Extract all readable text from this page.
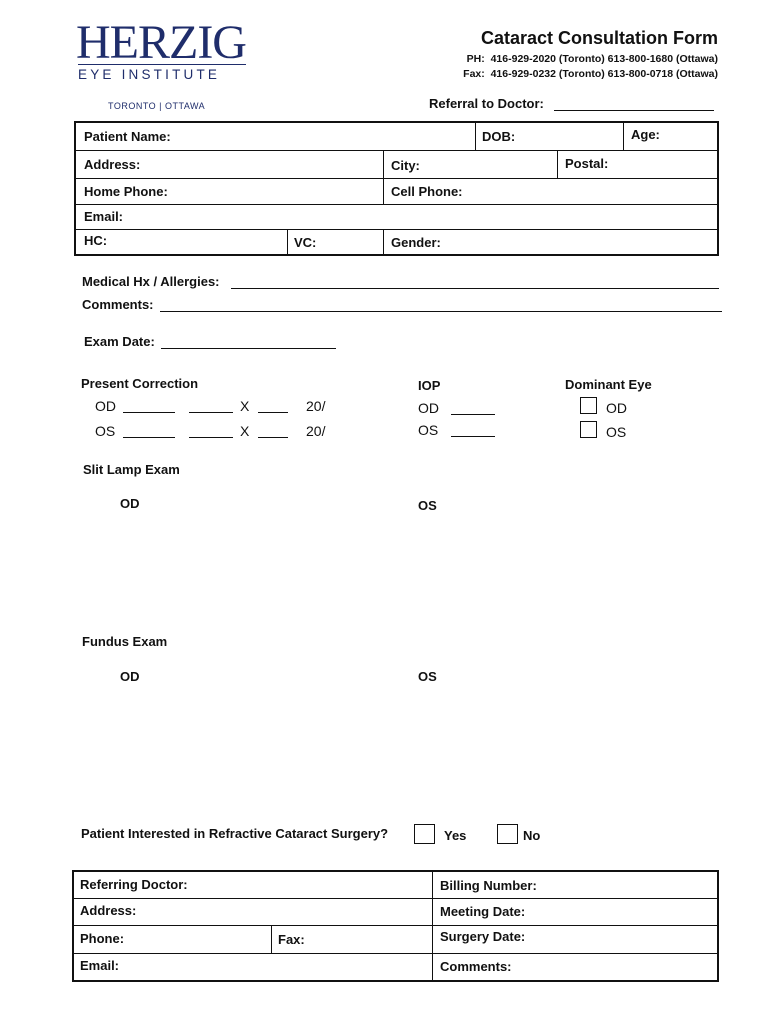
HERZIG
EYE INSTITUTE
TORONTO | OTTAWA
Cataract Consultation Form
PH:  416-929-2020 (Toronto) 613-800-1680 (Ottawa)
Fax:  416-929-0232 (Toronto) 613-800-0718 (Ottawa)
Referral to Doctor:
Patient Name:	DOB:	Age:
Address:	City:	Postal:
Home Phone:	Cell Phone:
Email:
HC:	VC:	Gender:
Medical Hx / Allergies:
Comments:
Exam Date:
Present Correction
OD	X	20/
OS	X	20/
IOP
OD
OS
Dominant Eye
OD
OS
Slit Lamp Exam
OD	OS
Fundus Exam
OD	OS
Patient Interested in Refractive Cataract Surgery?	Yes	No
Referring Doctor:	Billing Number:
Address:	Meeting Date:
Phone:	Fax:	Surgery Date:
Email:	Comments:
